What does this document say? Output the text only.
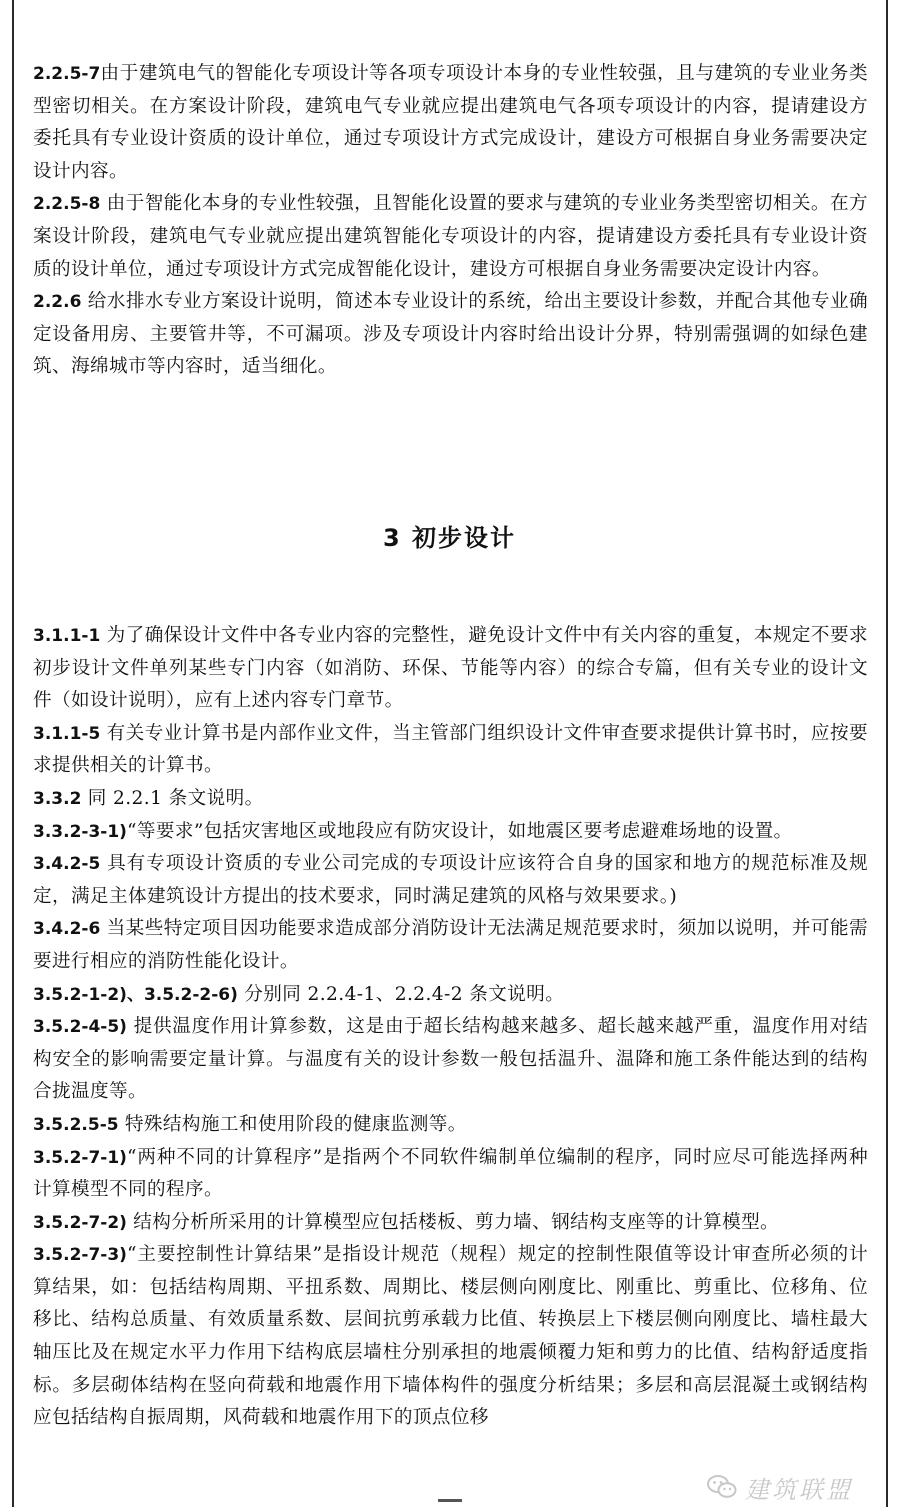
2.2.5-7由于建筑电气的智能化专项设计等各项专项设计本身的专业性较强，且与建筑的专业业务类型密切相关。在方案设计阶段，建筑电气专业就应提出建筑电气各项专项设计的内容，提请建设方委托具有专业设计资质的设计单位，通过专项设计方式完成设计，建设方可根据自身业务需要决定设计内容。

2.2.5-8 由于智能化本身的专业性较强，且智能化设置的要求与建筑的专业业务类型密切相关。在方案设计阶段，建筑电气专业就应提出建筑智能化专项设计的内容，提请建设方委托具有专业设计资质的设计单位，通过专项设计方式完成智能化设计，建设方可根据自身业务需要决定设计内容。

2.2.6 给水排水专业方案设计说明，简述本专业设计的系统，给出主要设计参数，并配合其他专业确定设备用房、主要管井等，不可漏项。涉及专项设计内容时给出设计分界，特别需强调的如绿色建筑、海绵城市等内容时，适当细化。

3 初步设计

3.1.1-1 为了确保设计文件中各专业内容的完整性，避免设计文件中有关内容的重复，本规定不要求初步设计文件单列某些专门内容（如消防、环保、节能等内容）的综合专篇，但有关专业的设计文件（如设计说明），应有上述内容专门章节。

3.1.1-5 有关专业计算书是内部作业文件，当主管部门组织设计文件审查要求提供计算书时，应按要求提供相关的计算书。

3.3.2 同 2.2.1 条文说明。

3.3.2-3-1)“等要求”包括灾害地区或地段应有防灾设计，如地震区要考虑避难场地的设置。

3.4.2-5 具有专项设计资质的专业公司完成的专项设计应该符合自身的国家和地方的规范标准及规定，满足主体建筑设计方提出的技术要求，同时满足建筑的风格与效果要求。)

3.4.2-6 当某些特定项目因功能要求造成部分消防设计无法满足规范要求时，须加以说明，并可能需要进行相应的消防性能化设计。

3.5.2-1-2)、3.5.2-2-6) 分别同 2.2.4-1、2.2.4-2 条文说明。

3.5.2-4-5) 提供温度作用计算参数，这是由于超长结构越来越多、超长越来越严重，温度作用对结构安全的影响需要定量计算。与温度有关的设计参数一般包括温升、温降和施工条件能达到的结构合拢温度等。

3.5.2.5-5 特殊结构施工和使用阶段的健康监测等。

3.5.2-7-1)“两种不同的计算程序”是指两个不同软件编制单位编制的程序，同时应尽可能选择两种计算模型不同的程序。

3.5.2-7-2) 结构分析所采用的计算模型应包括楼板、剪力墙、钢结构支座等的计算模型。

3.5.2-7-3)“主要控制性计算结果”是指设计规范（规程）规定的控制性限值等设计审查所必须的计算结果，如：包括结构周期、平扭系数、周期比、楼层侧向刚度比、刚重比、剪重比、位移角、位移比、结构总质量、有效质量系数、层间抗剪承载力比值、转换层上下楼层侧向刚度比、墙柱最大轴压比及在规定水平力作用下结构底层墙柱分别承担的地震倾覆力矩和剪力的比值、结构舒适度指标。多层砌体结构在竖向荷载和地震作用下墙体构件的强度分析结果；多层和高层混凝土或钢结构应包括结构自振周期，风荷载和地震作用下的顶点位移

建筑联盟
